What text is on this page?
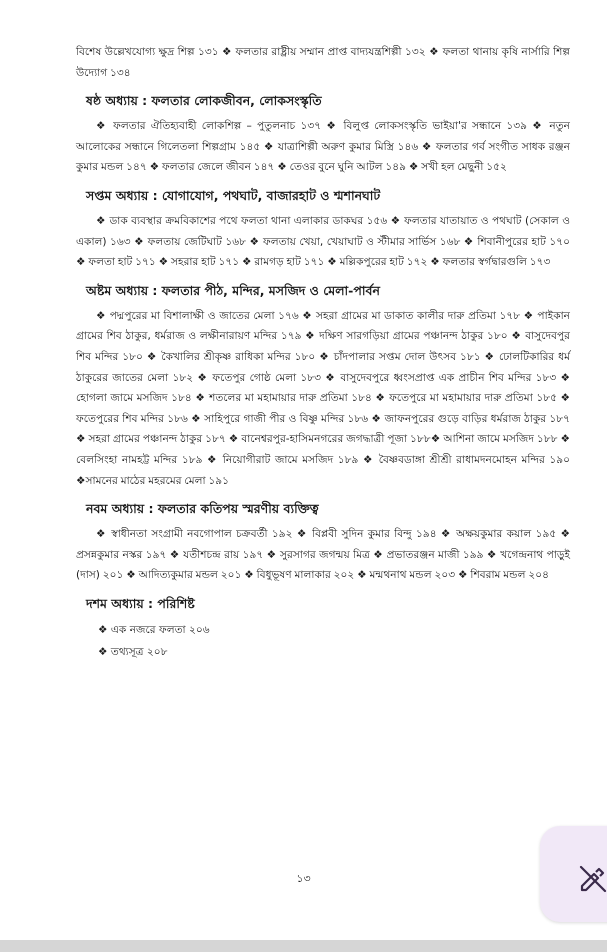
বিশেষ উল্লেখযোগ্য ক্ষুদ্র শিল্প ১৩১ ❖ ফলতার রাষ্ট্রীয় সম্মান প্রাপ্ত বাদ্যযন্ত্রশিল্পী ১৩২ ❖ ফলতা থানায় কৃষি নার্সারি শিল্প উদ্যোগ ১৩৪

ষষ্ঠ অধ্যায় : ফলতার লোকজীবন, লোকসংস্কৃতি

❖ ফলতার ঐতিহ্যবাহী লোকশিল্প – পুতুলনাচ ১৩৭ ❖ বিলুপ্ত লোকসংস্কৃতি ভাইয়া'র সন্ধানে ১৩৯ ❖ নতুন আলোকের সন্ধানে গিলেতলা শিল্পগ্রাম ১৪৫ ❖ যাত্রাশিল্পী অরুণ কুমার মিস্ত্রি ১৪৬ ❖ ফলতার গর্ব সংগীত সাধক রঞ্জন কুমার মন্ডল ১৪৭ ❖ ফলতার জেলে জীবন ১৪৭ ❖ তেওর বুনে ঘুনি আটল ১৪৯ ❖ সখী হল মেছুনী ১৫২

সপ্তম অধ্যায় : যোগাযোগ, পথঘাট, বাজারহাট ও শ্মশানঘাট

❖ ডাক ব্যবস্থার ক্রমবিকাশের পথে ফলতা থানা এলাকার ডাকঘর ১৫৬ ❖ ফলতার যাতায়াত ও পথঘাট (সেকাল ও একাল) ১৬৩ ❖ ফলতায় জেটিঘাট ১৬৮ ❖ ফলতায় খেয়া, খেয়াঘাট ও স্টীমার সার্ভিস ১৬৮ ❖ শিবানীপুরের হাট ১৭০ ❖ ফলতা হাট ১৭১ ❖ সহরার হাট ১৭১ ❖ রামগড় হাট ১৭১ ❖ মল্লিকপুরের হাট ১৭২ ❖ ফলতার স্বর্গদ্বারগুলি ১৭৩

অষ্টম অধ্যায় : ফলতার পীঠ, মন্দির, মসজিদ ও মেলা-পার্বন

❖ পদ্মপুরের মা বিশালাক্ষী ও জাতের মেলা ১৭৬ ❖ সহরা গ্রামের মা ডাকাত কালীর দারু প্রতিমা ১৭৮ ❖ পাইকান গ্রামের শিব ঠাকুর, ধর্মরাজ ও লক্ষীনারায়ণ মন্দির ১৭৯ ❖ দক্ষিণ সারগড়িয়া গ্রামের পঞ্চানন্দ ঠাকুর ১৮০ ❖ বাসুদেবপুর শিব মন্দির ১৮০ ❖ কৈখালির শ্রীকৃষ্ণ রাধিকা মন্দির ১৮০ ❖ চাঁদপালার সপ্তম দোল উৎসব ১৮১ ❖ ঢোলটিকারির ধর্ম ঠাকুরের জাতের মেলা ১৮২ ❖ ফতেপুর গোষ্ঠ মেলা ১৮৩ ❖ বাসুদেবপুরে ধ্বংসপ্রাপ্ত এক প্রাচীন শিব মন্দির ১৮৩ ❖ হোগলা জামে মসজিদ ১৮৪ ❖ শতলের মা মহামায়ার দারু প্রতিমা ১৮৪ ❖ ফতেপুরে মা মহামায়ার দারু প্রতিমা ১৮৫ ❖ ফতেপুরের শিব মন্দির ১৮৬ ❖ সাহিপুরে গাজী পীর ও বিষ্ণু মন্দির ১৮৬ ❖ জাফনপুরের গুড়ে বাড়ির ধর্মরাজ ঠাকুর ১৮৭ ❖ সহরা গ্রামের পঞ্চানন্দ ঠাকুর ১৮৭ ❖ বানেশ্বরপুর-হাসিমনগরের জগদ্ধাত্রী পূজা ১৮৮❖ আশিনা জামে মসজিদ ১৮৮ ❖ বেলসিংহা নামহট্ট মন্দির ১৮৯ ❖ নিয়োগীরাট জামে মসজিদ ১৮৯ ❖ বৈষ্ণবডাঙ্গা শ্রীশ্রী রাধামদনমোহন মন্দির ১৯০ ❖সামনের মাঠের মহরমের মেলা ১৯১

নবম অধ্যায় : ফলতার কতিপয় স্মরণীয় ব্যক্তিত্ব

❖ স্বাধীনতা সংগ্রামী নবগোপাল চক্রবর্তী ১৯২ ❖ বিপ্লবী সুদিন কুমার বিন্দু ১৯৪ ❖ অক্ষয়কুমার কয়াল ১৯৫ ❖ প্রসন্নকুমার নস্কর ১৯৭ ❖ যতীশচন্দ্র রায় ১৯৭ ❖ সুরসাগর জগন্ময় মিত্র ❖ প্রভাতরঞ্জন মাজী ১৯৯ ❖ খগেন্দ্রনাথ পাড়ুই (দাস) ২০১ ❖ আদিত্যকুমার মন্ডল ২০১ ❖ বিধুভূষণ মালাকার ২০২ ❖ মন্মথনাথ মন্ডল ২০৩ ❖ শিবরাম মন্ডল ২০৪

দশম অধ্যায় : পরিশিষ্ট

❖ এক নজরে ফলতা ২০৬

❖ তথ্যসূত্র ২০৮

১৩
